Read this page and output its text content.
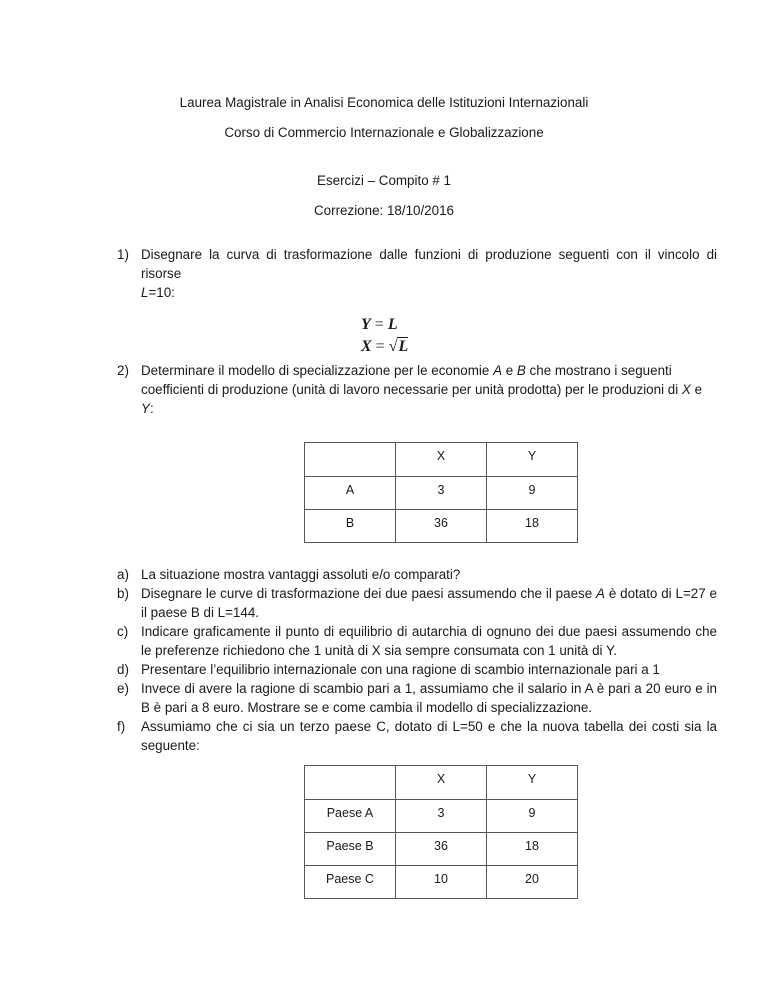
Laurea Magistrale in Analisi Economica delle Istituzioni Internazionali
Corso di Commercio Internazionale e Globalizzazione
Esercizi – Compito # 1
Correzione: 18/10/2016
1) Disegnare la curva di trasformazione dalle funzioni di produzione seguenti con il vincolo di risorse
L=10:
Y = L
X = √L
2) Determinare il modello di specializzazione per le economie A e B che mostrano i seguenti coefficienti di produzione (unità di lavoro necessarie per unità prodotta) per le produzioni di X e Y:
	X	Y
A	3	9
B	36	18
a) La situazione mostra vantaggi assoluti e/o comparati?
b) Disegnare le curve di trasformazione dei due paesi assumendo che il paese A è dotato di L=27 e il paese B di L=144.
c) Indicare graficamente il punto di equilibrio di autarchia di ognuno dei due paesi assumendo che le preferenze richiedono che 1 unità di X sia sempre consumata con 1 unità di Y.
d) Presentare l’equilibrio internazionale con una ragione di scambio internazionale pari a 1
e) Invece di avere la ragione di scambio pari a 1, assumiamo che il salario in A è pari a 20 euro e in B è pari a 8 euro. Mostrare se e come cambia il modello di specializzazione.
f) Assumiamo che ci sia un terzo paese C, dotato di L=50 e che la nuova tabella dei costi sia la seguente:
	X	Y
Paese A	3	9
Paese B	36	18
Paese C	10	20
